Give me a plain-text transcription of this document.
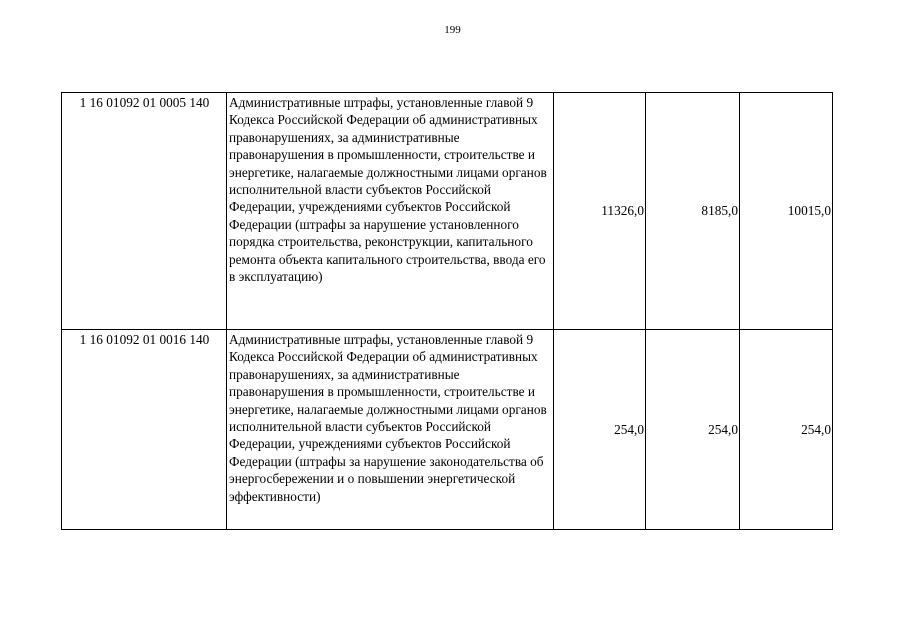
199
1 16 01092 01 0005 140	Административные штрафы, установленные главой 9 Кодекса Российской Федерации об административных правонарушениях, за административные правонарушения в промышленности, строительстве и энергетике, налагаемые должностными лицами органов исполнительной власти субъектов Российской Федерации, учреждениями субъектов Российской Федерации (штрафы за нарушение установленного порядка строительства, реконструкции, капитального ремонта объекта капитального строительства, ввода его в эксплуатацию)	11326,0	8185,0	10015,0
1 16 01092 01 0016 140	Административные штрафы, установленные главой 9 Кодекса Российской Федерации об административных правонарушениях, за административные правонарушения в промышленности, строительстве и энергетике, налагаемые должностными лицами органов исполнительной власти субъектов Российской Федерации, учреждениями субъектов Российской Федерации (штрафы за нарушение законодательства об энергосбережении и о повышении энергетической эффективности)	254,0	254,0	254,0
